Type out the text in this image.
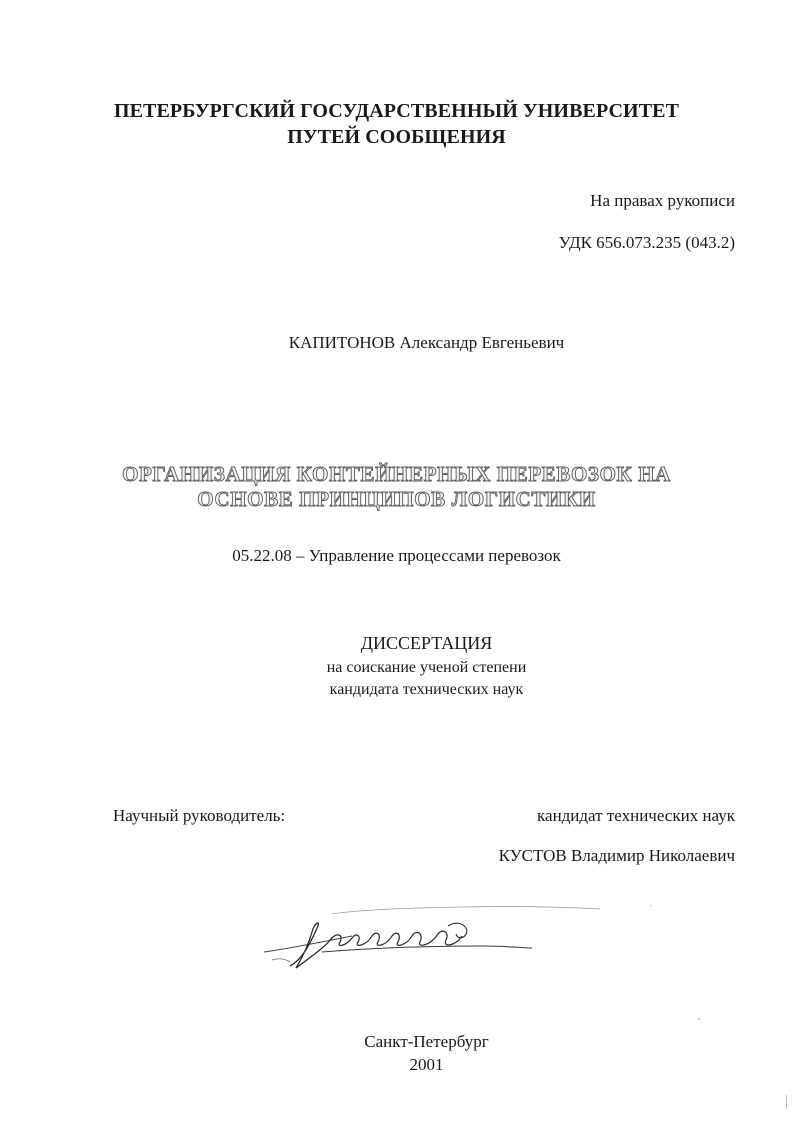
ПЕТЕРБУРГСКИЙ ГОСУДАРСТВЕННЫЙ УНИВЕРСИТЕТ
ПУТЕЙ СООБЩЕНИЯ
На правах рукописи
УДК 656.073.235 (043.2)
КАПИТОНОВ Александр Евгеньевич
ОРГАНИЗАЦИЯ КОНТЕЙНЕРНЫХ ПЕРЕВОЗОК НА
ОСНОВЕ ПРИНЦИПОВ ЛОГИСТИКИ
05.22.08 – Управление процессами перевозок
ДИССЕРТАЦИЯ
на соискание ученой степени
кандидата технических наук
Научный руководитель:	кандидат технических наук
КУСТОВ Владимир Николаевич
Санкт-Петербург
2001
